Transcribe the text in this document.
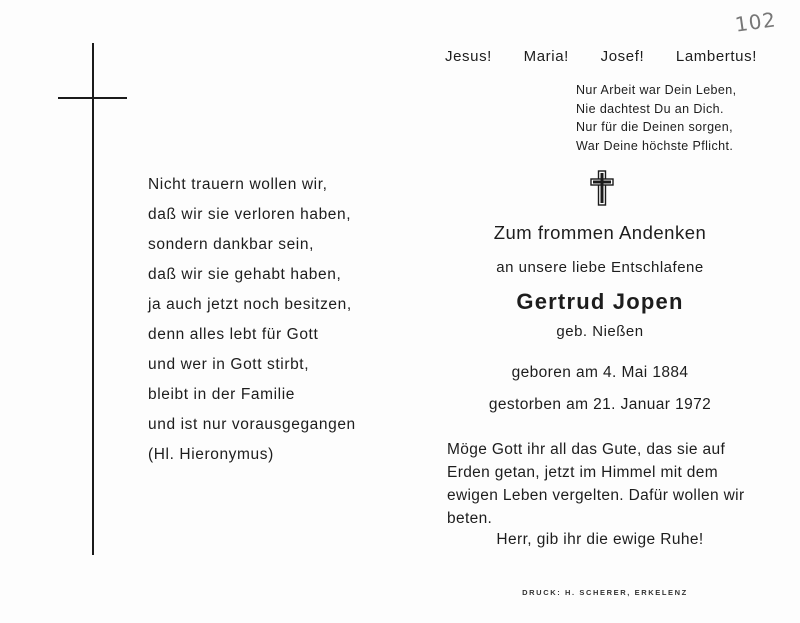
102
Nicht trauern wollen wir,
daß wir sie verloren haben,
sondern dankbar sein,
daß wir sie gehabt haben,
ja auch jetzt noch besitzen,
denn alles lebt für Gott
und wer in Gott stirbt,
bleibt in der Familie
und ist nur vorausgegangen
(Hl. Hieronymus)
Jesus! Maria! Josef! Lambertus!
Nur Arbeit war Dein Leben,
Nie dachtest Du an Dich.
Nur für die Deinen sorgen,
War Deine höchste Pflicht.
Zum frommen Andenken
an unsere liebe Entschlafene
Gertrud Jopen
geb. Nießen
geboren am 4. Mai 1884
gestorben am 21. Januar 1972
Möge Gott ihr all das Gute, das sie auf Erden getan, jetzt im Himmel mit dem ewigen Leben vergelten. Dafür wollen wir beten.
Herr, gib ihr die ewige Ruhe!
DRUCK: H. SCHERER, ERKELENZ
